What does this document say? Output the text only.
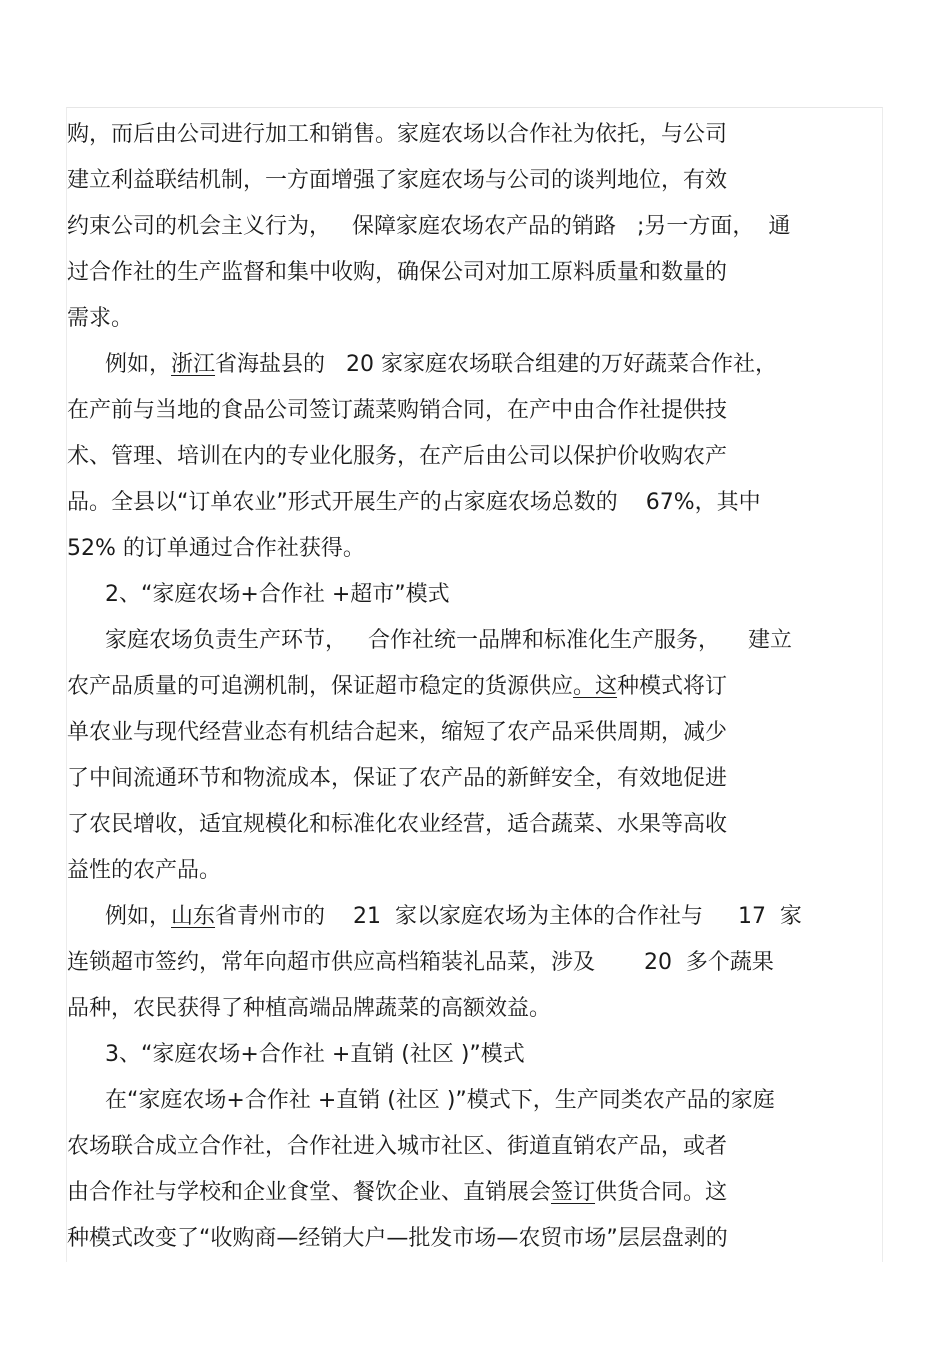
购，而后由公司进行加工和销售。家庭农场以合作社为依托，与公司
建立利益联结机制，一方面增强了家庭农场与公司的谈判地位，有效
约束公司的机会主义行为，   保障家庭农场农产品的销路   ;另一方面，  通
过合作社的生产监督和集中收购，确保公司对加工原料质量和数量的
需求。
例如，浙江省海盐县的   20 家家庭农场联合组建的万好蔬菜合作社，
在产前与当地的食品公司签订蔬菜购销合同，在产中由合作社提供技
术、管理、培训在内的专业化服务，在产后由公司以保护价收购农产
品。全县以“订单农业”形式开展生产的占家庭农场总数的    67%，其中
52% 的订单通过合作社获得。
2、“家庭农场+合作社 +超市”模式
家庭农场负责生产环节，   合作社统一品牌和标准化生产服务，    建立
农产品质量的可追溯机制，保证超市稳定的货源供应。这种模式将订
单农业与现代经营业态有机结合起来，缩短了农产品采供周期，减少
了中间流通环节和物流成本，保证了农产品的新鲜安全，有效地促进
了农民增收，适宜规模化和标准化农业经营，适合蔬菜、水果等高收
益性的农产品。
例如，山东省青州市的    21  家以家庭农场为主体的合作社与     17  家
连锁超市签约，常年向超市供应高档箱装礼品菜，涉及       20  多个蔬果
品种，农民获得了种植高端品牌蔬菜的高额效益。
3、“家庭农场+合作社 +直销 (社区 )”模式
在“家庭农场+合作社 +直销 (社区 )”模式下，生产同类农产品的家庭
农场联合成立合作社，合作社进入城市社区、街道直销农产品，或者
由合作社与学校和企业食堂、餐饮企业、直销展会签订供货合同。这
种模式改变了“收购商—经销大户—批发市场—农贸市场”层层盘剥的
